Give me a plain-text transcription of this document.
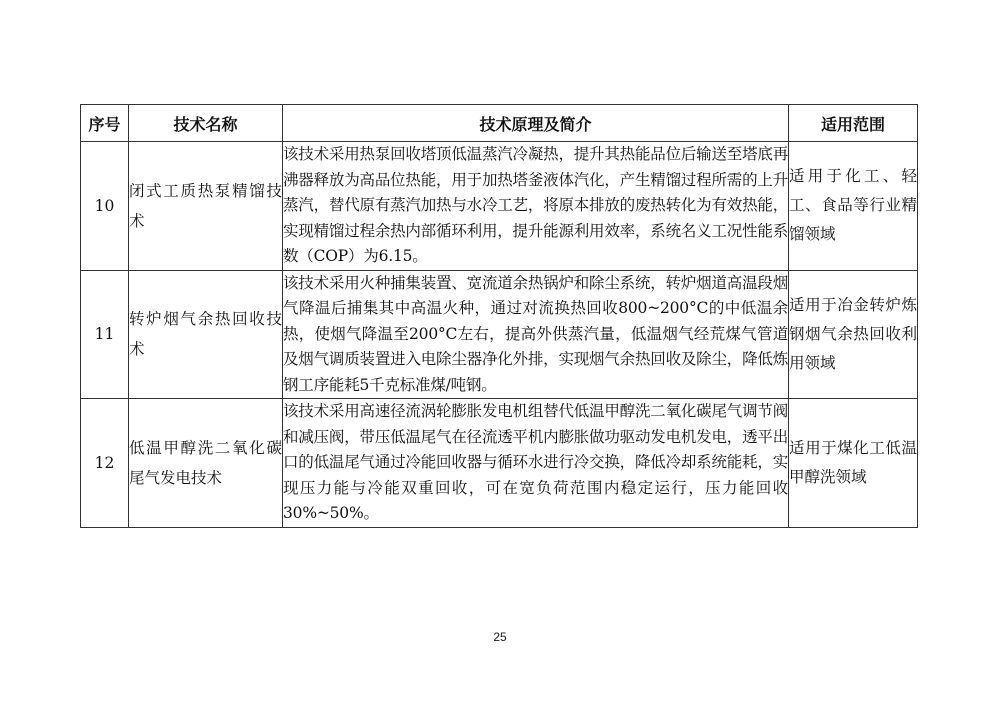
序号	技术名称	技术原理及简介	适用范围
10	闭式工质热泵精馏技术	该技术采用热泵回收塔顶低温蒸汽冷凝热，提升其热能品位后输送至塔底再沸器释放为高品位热能，用于加热塔釜液体汽化，产生精馏过程所需的上升蒸汽，替代原有蒸汽加热与水冷工艺，将原本排放的废热转化为有效热能，实现精馏过程余热内部循环利用，提升能源利用效率，系统名义工况性能系数（COP）为6.15。	适用于化工、轻工、食品等行业精馏领域
11	转炉烟气余热回收技术	该技术采用火种捕集装置、宽流道余热锅炉和除尘系统，转炉烟道高温段烟气降温后捕集其中高温火种，通过对流换热回收800~200°C的中低温余热，使烟气降温至200°C左右，提高外供蒸汽量，低温烟气经荒煤气管道及烟气调质装置进入电除尘器净化外排，实现烟气余热回收及除尘，降低炼钢工序能耗5千克标准煤/吨钢。	适用于冶金转炉炼钢烟气余热回收利用领域
12	低温甲醇洗二氧化碳尾气发电技术	该技术采用高速径流涡轮膨胀发电机组替代低温甲醇洗二氧化碳尾气调节阀和减压阀，带压低温尾气在径流透平机内膨胀做功驱动发电机发电，透平出口的低温尾气通过冷能回收器与循环水进行冷交换，降低冷却系统能耗，实现压力能与冷能双重回收，可在宽负荷范围内稳定运行，压力能回收30%~50%。	适用于煤化工低温甲醇洗领域
25
